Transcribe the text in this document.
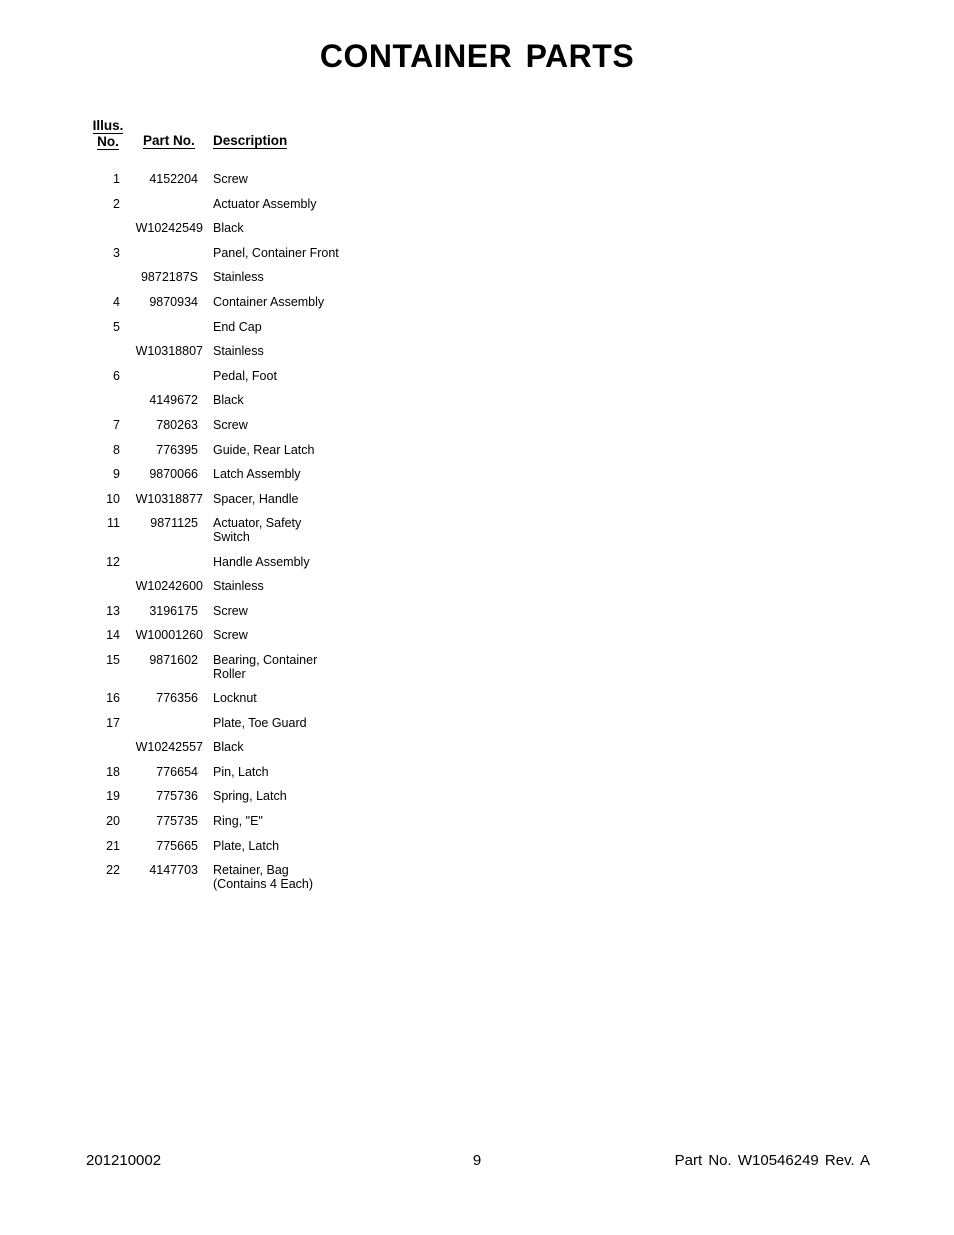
CONTAINER PARTS
Illus.
No.	Part No. Description
1	4152204 Screw
2	Actuator Assembly
W10242549 Black
3	Panel, Container Front
9872187S Stainless
4	9870934 Container Assembly
5	End Cap
W10318807 Stainless
6	Pedal, Foot
4149672 Black
7	780263 Screw
8	776395 Guide, Rear Latch
9	9870066 Latch Assembly
10	W10318877 Spacer, Handle
11	9871125 Actuator, Safety
Switch
12	Handle Assembly
W10242600 Stainless
13	3196175 Screw
14	W10001260 Screw
15	9871602 Bearing, Container
Roller
16	776356 Locknut
17	Plate, Toe Guard
W10242557 Black
18	776654 Pin, Latch
19	775736 Spring, Latch
20	775735 Ring, "E"
21	775665 Plate, Latch
22	4147703 Retainer, Bag
(Contains 4 Each)
201210002	9	Part No. W10546249 Rev. A
